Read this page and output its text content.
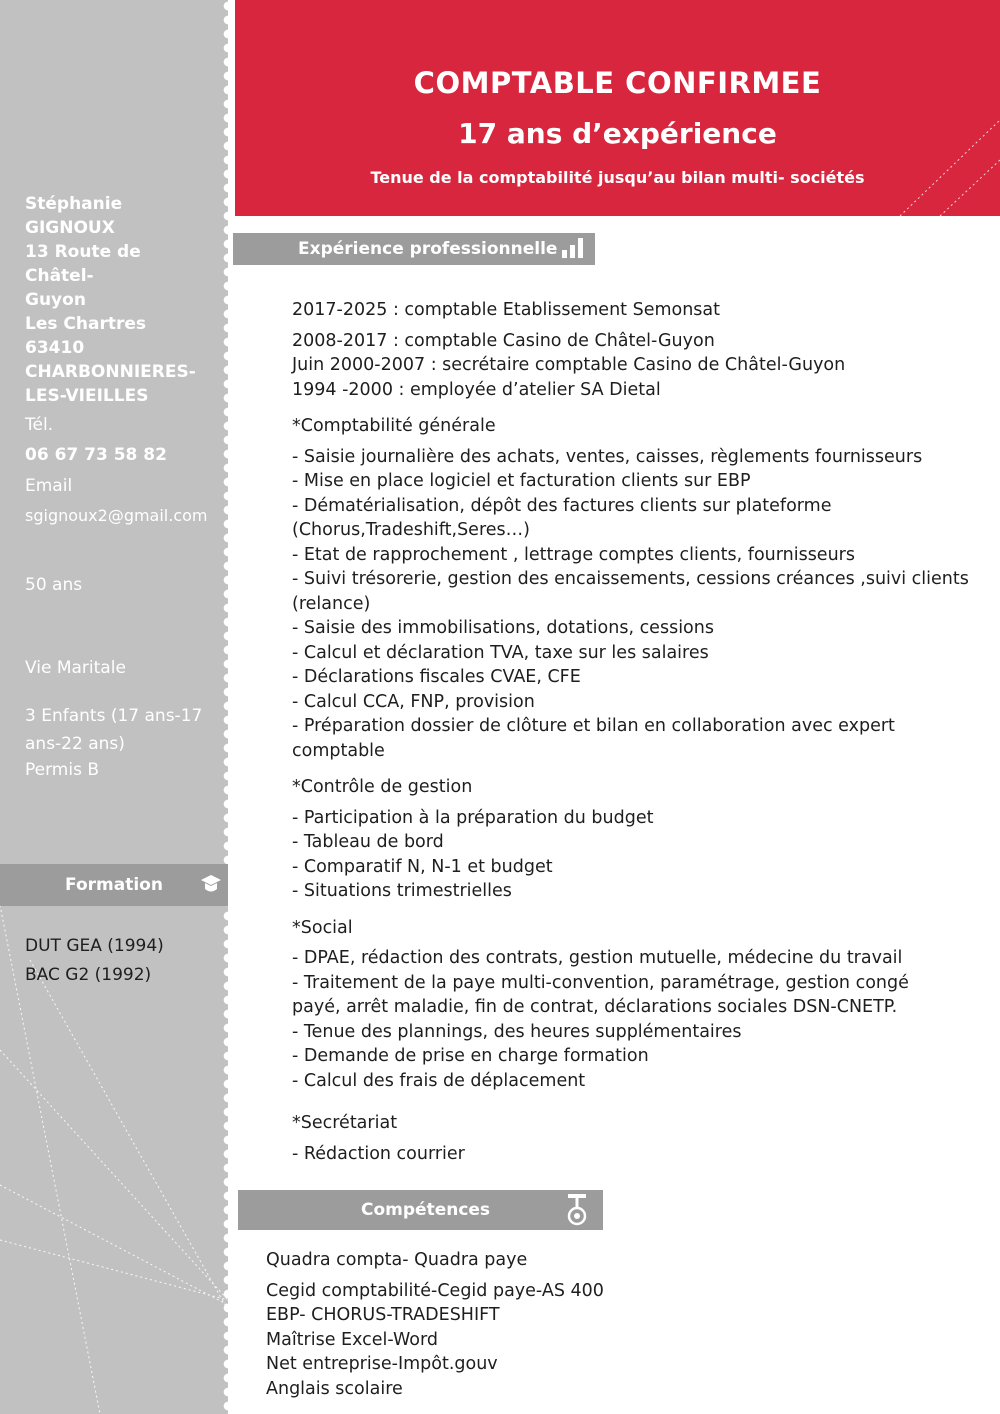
Stéphanie GIGNOUX
13 Route de Châtel-
Guyon
Les Chartres
63410
CHARBONNIERES-
LES-VIEILLES
Tél.
06 67 73 58 82
Email
sgignoux2@gmail.com
50 ans
Vie Maritale
3 Enfants (17 ans-17
ans-22 ans)
Permis B
Formation
DUT GEA (1994)
BAC G2 (1992)
COMPTABLE CONFIRMEE
17 ans d’expérience
Tenue de la comptabilité jusqu’au bilan multi- sociétés
Expérience professionnelle
2017-2025 : comptable Etablissement Semonsat
2008-2017 : comptable Casino de Châtel-Guyon
Juin 2000-2007 : secrétaire comptable Casino de Châtel-Guyon
1994 -2000 : employée d’atelier SA Dietal
*Comptabilité générale
- Saisie journalière des achats, ventes, caisses, règlements fournisseurs
- Mise en place logiciel et facturation clients sur EBP
- Dématérialisation, dépôt des factures clients sur plateforme
(Chorus,Tradeshift,Seres…)
- Etat de rapprochement , lettrage comptes clients, fournisseurs
- Suivi trésorerie, gestion des encaissements, cessions créances ,suivi clients
(relance)
- Saisie des immobilisations, dotations, cessions
- Calcul et déclaration TVA, taxe sur les salaires
- Déclarations fiscales CVAE, CFE
- Calcul CCA, FNP, provision
- Préparation dossier de clôture et bilan en collaboration avec expert
comptable
*Contrôle de gestion
- Participation à la préparation du budget
- Tableau de bord
- Comparatif N, N-1 et budget
- Situations trimestrielles
*Social
- DPAE, rédaction des contrats, gestion mutuelle, médecine du travail
- Traitement de la paye multi-convention, paramétrage, gestion congé
payé, arrêt maladie, fin de contrat, déclarations sociales DSN-CNETP.
- Tenue des plannings, des heures supplémentaires
- Demande de prise en charge formation
- Calcul des frais de déplacement
*Secrétariat
- Rédaction courrier
Compétences
Quadra compta- Quadra paye
Cegid comptabilité-Cegid paye-AS 400
EBP- CHORUS-TRADESHIFT
Maîtrise Excel-Word
Net entreprise-Impôt.gouv
Anglais scolaire
